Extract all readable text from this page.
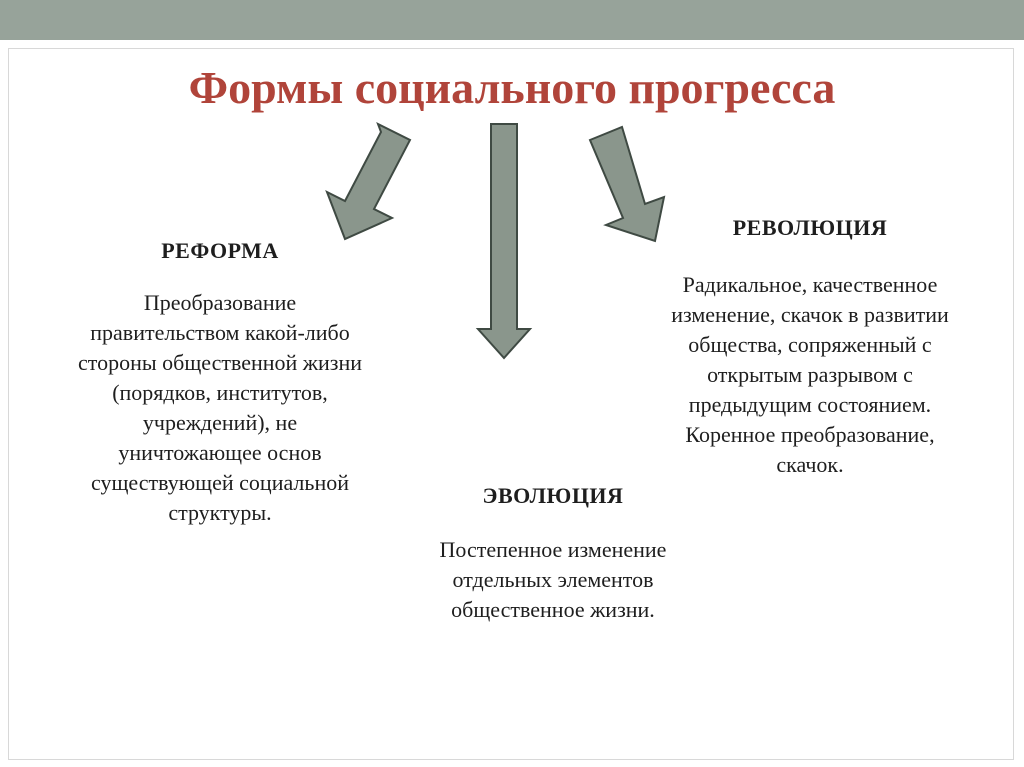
Формы социального прогресса
РЕФОРМА

Преобразование
правительством какой-либо
стороны общественной жизни
(порядков, институтов,
учреждений), не
уничтожающее основ
существующей социальной
структуры.

РЕВОЛЮЦИЯ

Радикальное, качественное
изменение, скачок в развитии
общества, сопряженный с
открытым разрывом с
предыдущим состоянием.
Коренное преобразование,
скачок.

ЭВОЛЮЦИЯ

Постепенное изменение
отдельных элементов
общественное жизни.
